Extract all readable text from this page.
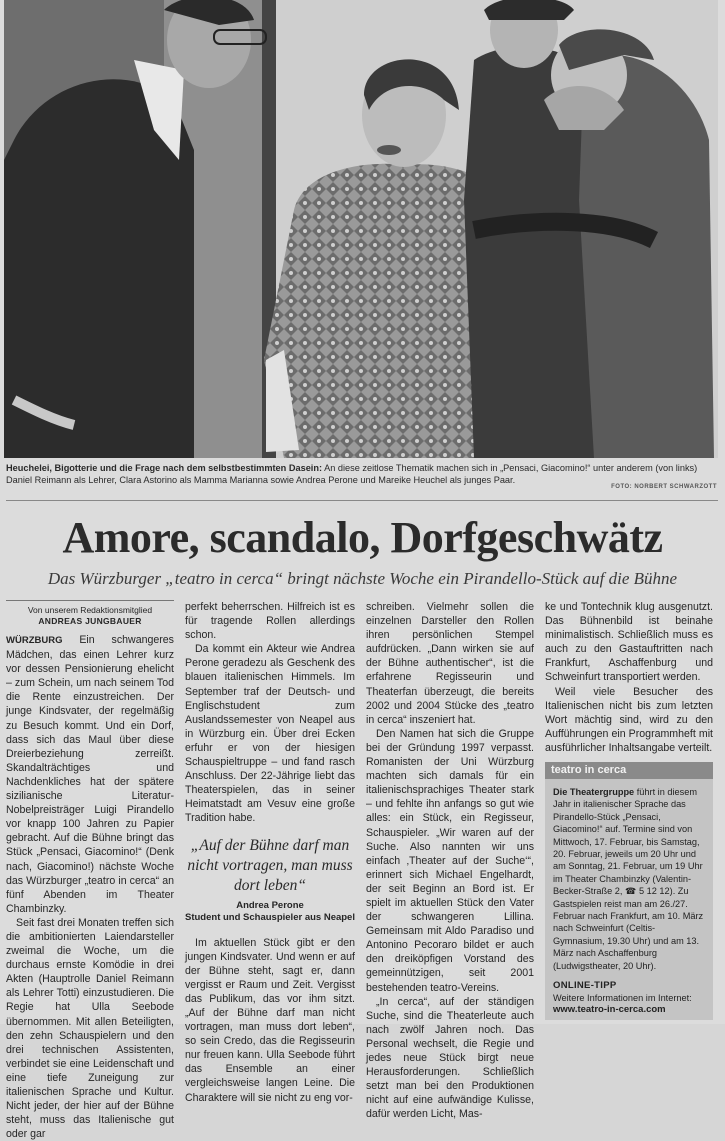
Heuchelei, Bigotterie und die Frage nach dem selbstbestimmten Dasein: An diese zeitlose Thematik machen sich in „Pensaci, Giacomino!“ unter anderem (von links) Daniel Reimann als Lehrer, Clara Astorino als Mamma Marianna sowie Andrea Perone und Mareike Heuchel als junges Paar.
FOTO: NORBERT SCHWARZOTT
Amore, scandalo, Dorfgeschwätz
Das Würzburger „teatro in cerca“ bringt nächste Woche ein Pirandello-Stück auf die Bühne
Von unserem Redaktionsmitglied
ANDREAS JUNGBAUER

WÜRZBURG Ein schwangeres Mädchen, das einen Lehrer kurz vor dessen Pensionierung ehelicht – zum Schein, um nach seinem Tod die Rente einzustreichen. Der junge Kindsvater, der regelmäßig zu Besuch kommt. Und ein Dorf, dass sich das Maul über diese Dreierbeziehung zerreißt. Skandalträchtiges und Nachdenkliches hat der spätere sizilianische Literatur-Nobelpreisträger Luigi Pirandello vor knapp 100 Jahren zu Papier gebracht. Auf die Bühne bringt das Stück „Pensaci, Giacomino!“ (Denk nach, Giacomino!) nächste Woche das Würzburger „teatro in cerca“ an fünf Abenden im Theater Chambinzky.

Seit fast drei Monaten treffen sich die ambitionierten Laiendarsteller zweimal die Woche, um die durchaus ernste Komödie in drei Akten (Hauptrolle Daniel Reimann als Lehrer Totti) einzustudieren. Die Regie hat Ulla Seebode übernommen. Mit allen Beteiligten, den zehn Schauspielern und den drei technischen Assistenten, verbindet sie eine Leidenschaft und eine tiefe Zuneigung zur italienischen Sprache und Kultur. Nicht jeder, der hier auf der Bühne steht, muss das Italienische gut oder gar

perfekt beherrschen. Hilfreich ist es für tragende Rollen allerdings schon.

Da kommt ein Akteur wie Andrea Perone geradezu als Geschenk des blauen italienischen Himmels. Im September traf der Deutsch- und Englischstudent zum Auslandssemester von Neapel aus in Würzburg ein. Über drei Ecken erfuhr er von der hiesigen Schauspieltruppe – und fand rasch Anschluss. Der 22-Jährige liebt das Theaterspielen, das in seiner Heimatstadt am Vesuv eine große Tradition habe.

„Auf der Bühne darf man nicht vortragen, man muss dort leben“
Andrea Perone
Student und Schauspieler aus Neapel

Im aktuellen Stück gibt er den jungen Kindsvater. Und wenn er auf der Bühne steht, sagt er, dann vergisst er Raum und Zeit. Vergisst das Publikum, das vor ihm sitzt. „Auf der Bühne darf man nicht vortragen, man muss dort leben“, so sein Credo, das die Regisseurin nur freuen kann. Ulla Seebode führt das Ensemble an einer vergleichsweise langen Leine. Die Charaktere will sie nicht zu eng vor-

schreiben. Vielmehr sollen die einzelnen Darsteller den Rollen ihren persönlichen Stempel aufdrücken. „Dann wirken sie auf der Bühne authentischer“, ist die erfahrene Regisseurin und Theaterfan überzeugt, die bereits 2002 und 2004 Stücke des „teatro in cerca“ inszeniert hat.

Den Namen hat sich die Gruppe bei der Gründung 1997 verpasst. Romanisten der Uni Würzburg machten sich damals für ein italienischsprachiges Theater stark – und fehlte ihn anfangs so gut wie alles: ein Stück, ein Regisseur, Schauspieler. „Wir waren auf der Suche. Also nannten wir uns einfach ‚Theater auf der Suche‘“, erinnert sich Michael Engelhardt, der seit Beginn an Bord ist. Er spielt im aktuellen Stück den Vater der schwangeren Lillina. Gemeinsam mit Aldo Paradiso und Antonino Pecoraro bildet er auch den dreiköpfigen Vorstand des gemeinnützigen, seit 2001 bestehenden teatro-Vereins.

„In cerca“, auf der ständigen Suche, sind die Theaterleute auch nach zwölf Jahren noch. Das Personal wechselt, die Regie und jedes neue Stück birgt neue Herausforderungen. Schließlich setzt man bei den Produktionen nicht auf eine aufwändige Kulisse, dafür werden Licht, Mas-

ke und Tontechnik klug ausgenutzt. Das Bühnenbild ist beinahe minimalistisch. Schließlich muss es auch zu den Gastauftritten nach Frankfurt, Aschaffenburg und Schweinfurt transportiert werden.

Weil viele Besucher des Italienischen nicht bis zum letzten Wort mächtig sind, wird zu den Aufführungen ein Programmheft mit ausführlicher Inhaltsangabe verteilt.

teatro in cerca
Die Theatergruppe führt in diesem Jahr in italienischer Sprache das Pirandello-Stück „Pensaci, Giacomino!“ auf. Termine sind von Mittwoch, 17. Februar, bis Samstag, 20. Februar, jeweils um 20 Uhr und am Sonntag, 21. Februar, um 19 Uhr im Theater Chambinzky (Valentin-Becker-Straße 2, ☎ 5 12 12). Zu Gastspielen reist man am 26./27. Februar nach Frankfurt, am 10. März nach Schweinfurt (Celtis-Gymnasium, 19.30 Uhr) und am 13. März nach Aschaffenburg (Ludwigstheater, 20 Uhr).
ONLINE-TIPP
Weitere Informationen im Internet:
www.teatro-in-cerca.com
